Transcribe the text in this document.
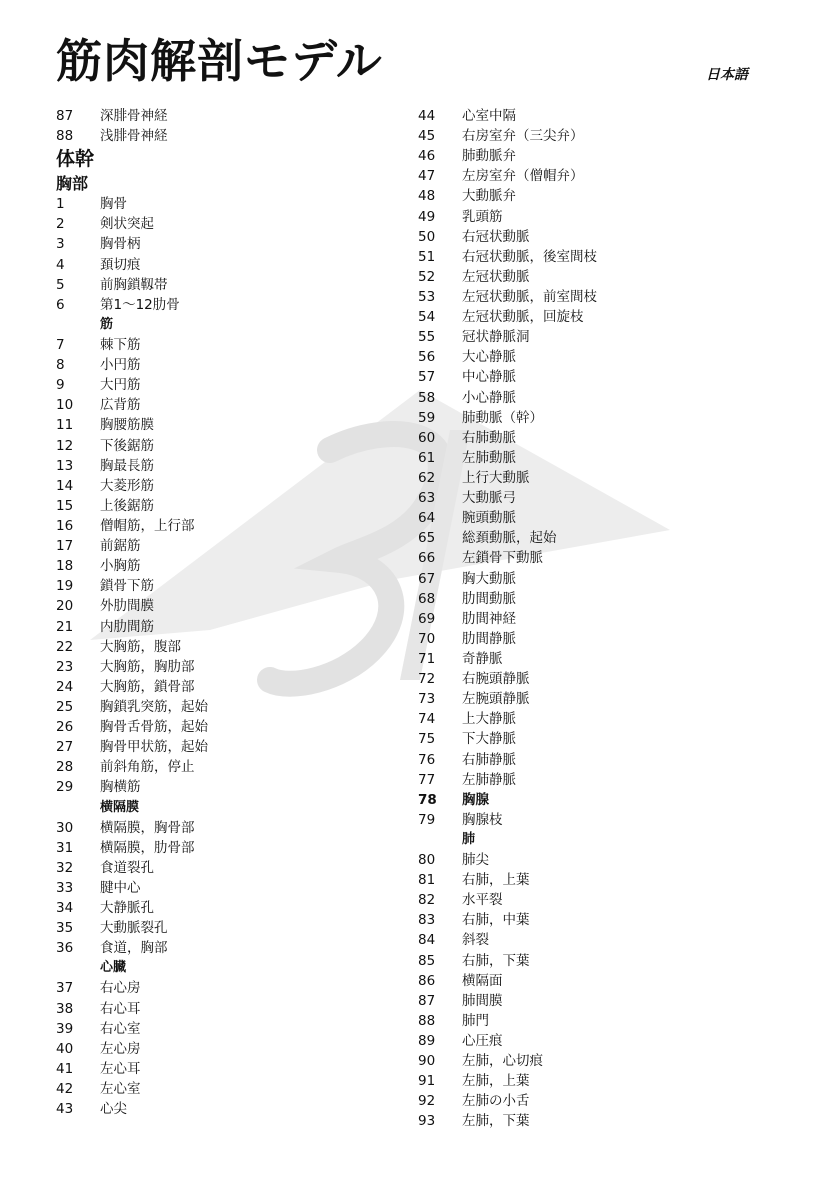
筋肉解剖モデル	日本語
87	深腓骨神経
88	浅腓骨神経
体幹
胸部
1	胸骨
2	剣状突起
3	胸骨柄
4	頚切痕
5	前胸鎖靱帯
6	第1〜12肋骨
筋
7	棘下筋
8	小円筋
9	大円筋
10	広背筋
11	胸腰筋膜
12	下後鋸筋
13	胸最長筋
14	大菱形筋
15	上後鋸筋
16	僧帽筋，上行部
17	前鋸筋
18	小胸筋
19	鎖骨下筋
20	外肋間膜
21	内肋間筋
22	大胸筋，腹部
23	大胸筋，胸肋部
24	大胸筋，鎖骨部
25	胸鎖乳突筋，起始
26	胸骨舌骨筋，起始
27	胸骨甲状筋，起始
28	前斜角筋，停止
29	胸横筋
横隔膜
30	横隔膜，胸骨部
31	横隔膜，肋骨部
32	食道裂孔
33	腱中心
34	大静脈孔
35	大動脈裂孔
36	食道，胸部
心臓
37	右心房
38	右心耳
39	右心室
40	左心房
41	左心耳
42	左心室
43	心尖
44	心室中隔
45	右房室弁（三尖弁）
46	肺動脈弁
47	左房室弁（僧帽弁）
48	大動脈弁
49	乳頭筋
50	右冠状動脈
51	右冠状動脈，後室間枝
52	左冠状動脈
53	左冠状動脈，前室間枝
54	左冠状動脈，回旋枝
55	冠状静脈洞
56	大心静脈
57	中心静脈
58	小心静脈
59	肺動脈（幹）
60	右肺動脈
61	左肺動脈
62	上行大動脈
63	大動脈弓
64	腕頭動脈
65	総頚動脈，起始
66	左鎖骨下動脈
67	胸大動脈
68	肋間動脈
69	肋間神経
70	肋間静脈
71	奇静脈
72	右腕頭静脈
73	左腕頭静脈
74	上大静脈
75	下大静脈
76	右肺静脈
77	左肺静脈
78	胸腺
79	胸腺枝
肺
80	肺尖
81	右肺，上葉
82	水平裂
83	右肺，中葉
84	斜裂
85	右肺，下葉
86	横隔面
87	肺間膜
88	肺門
89	心圧痕
90	左肺，心切痕
91	左肺，上葉
92	左肺の小舌
93	左肺，下葉
